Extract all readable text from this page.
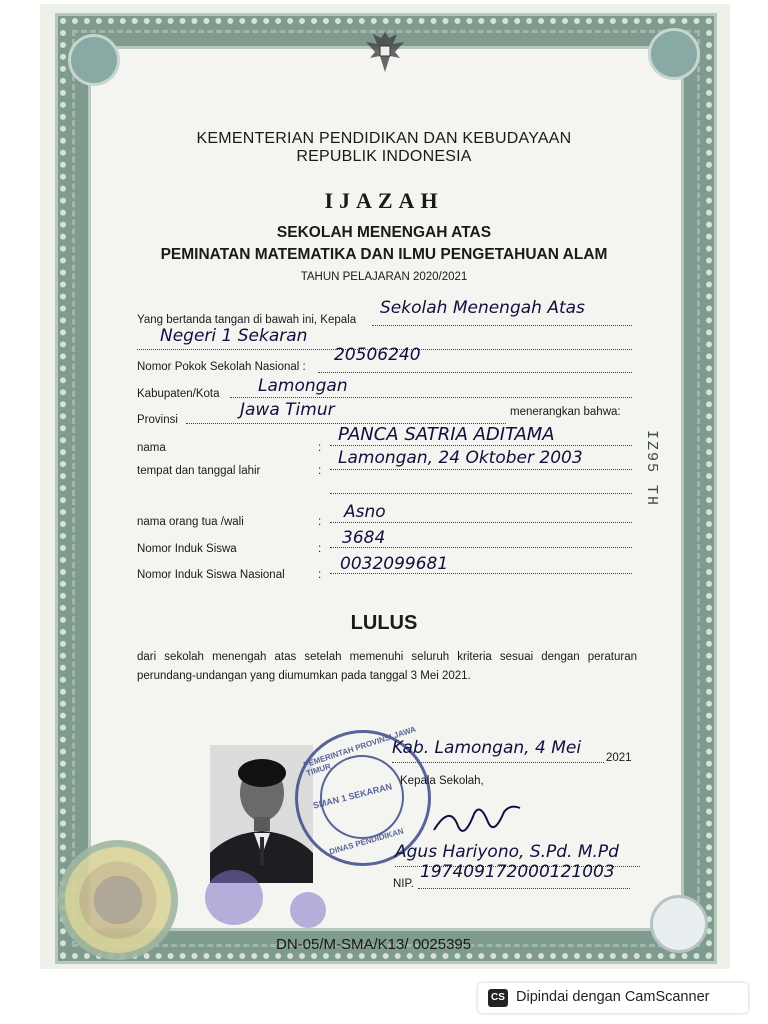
KEMENTERIAN PENDIDIKAN DAN KEBUDAYAAN
REPUBLIK INDONESIA
IJAZAH
SEKOLAH MENENGAH ATAS
PEMINATAN MATEMATIKA DAN ILMU PENGETAHUAN ALAM
TAHUN PELAJARAN 2020/2021
Yang bertanda tangan di bawah ini, Kepala
Sekolah Menengah Atas
Negeri 1 Sekaran
Nomor Pokok Sekolah Nasional :
20506240
Kabupaten/Kota Lamongan
Provinsi	Jawa Timur	menerangkan bahwa:
nama	:
PANCA SATRIA ADITAMA
tempat dan tanggal lahir	:
Lamongan, 24 Oktober 2003
nama orang tua /wali	: Asno
Nomor Induk Siswa	:
3684
Nomor Induk Siswa Nasional	:
0032099681
LULUS
dari sekolah menengah atas setelah memenuhi seluruh kriteria sesuai dengan peraturan perundang-undangan yang diumumkan pada tanggal 3 Mei 2021.
PEMERINTAH PROVINSI JAWA TIMUR
SMAN 1 SEKARAN
DINAS PENDIDIKAN
Kab. Lamongan, 4 Mei 2021
Kepala Sekolah,
Agus Hariyono, S.Pd. M.Pd
NIP.
197409172000121003
DN-05/M-SMA/K13/ 0025395
IZ95 TH
CS Dipindai dengan CamScanner
